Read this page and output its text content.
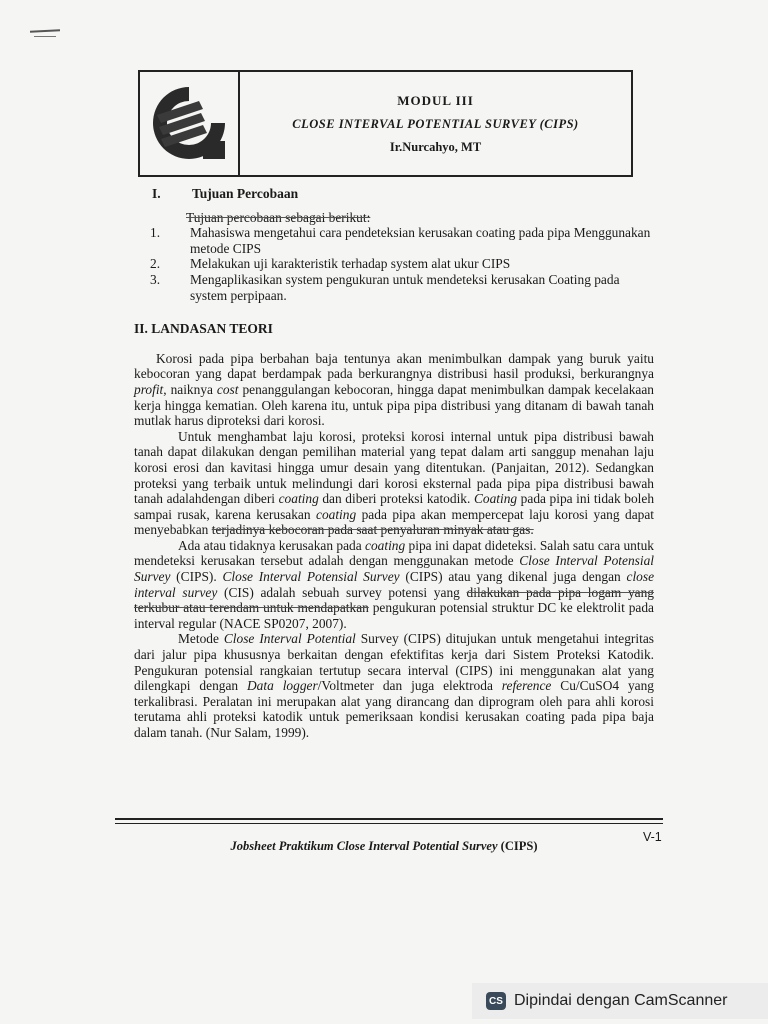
MODUL III
CLOSE INTERVAL POTENTIAL SURVEY (CIPS)
Ir.Nurcahyo, MT
I.	Tujuan Percobaan
Tujuan percobaan sebagai berikut:
1.	Mahasiswa mengetahui cara pendeteksian kerusakan coating pada pipa Menggunakan metode CIPS
2.	Melakukan uji karakteristik terhadap system alat ukur CIPS
3.	Mengaplikasikan system pengukuran untuk mendeteksi kerusakan Coating pada system perpipaan.
II. LANDASAN TEORI

Korosi pada pipa berbahan baja tentunya akan menimbulkan dampak yang buruk yaitu kebocoran yang dapat berdampak pada berkurangnya distribusi hasil produksi, berkurangnya profit, naiknya cost penanggulangan kebocoran, hingga dapat menimbulkan dampak kecelakaan kerja hingga kematian. Oleh karena itu, untuk pipa pipa distribusi yang ditanam di bawah tanah mutlak harus diproteksi dari korosi.

Untuk menghambat laju korosi, proteksi korosi internal untuk pipa distribusi bawah tanah dapat dilakukan dengan pemilihan material yang tepat dalam arti sanggup menahan laju korosi erosi dan kavitasi hingga umur desain yang ditentukan. (Panjaitan, 2012). Sedangkan proteksi yang terbaik untuk melindungi dari korosi eksternal pada pipa pipa distribusi bawah tanah adalahdengan diberi coating dan diberi proteksi katodik. Coating pada pipa ini tidak boleh sampai rusak, karena kerusakan coating pada pipa akan mempercepat laju korosi yang dapat menyebabkan terjadinya kebocoran pada saat penyaluran minyak atau gas.

Ada atau tidaknya kerusakan pada coating pipa ini dapat dideteksi. Salah satu cara untuk mendeteksi kerusakan tersebut adalah dengan menggunakan metode Close Interval Potensial Survey (CIPS). Close Interval Potensial Survey (CIPS) atau yang dikenal juga dengan close interval survey (CIS) adalah sebuah survey potensi yang dilakukan pada pipa logam yang terkubur atau terendam untuk mendapatkan pengukuran potensial struktur DC ke elektrolit pada interval regular (NACE SP0207, 2007).

Metode Close Interval Potential Survey (CIPS) ditujukan untuk mengetahui integritas dari jalur pipa khususnya berkaitan dengan efektifitas kerja dari Sistem Proteksi Katodik. Pengukuran potensial rangkaian tertutup secara interval (CIPS) ini menggunakan alat yang dilengkapi dengan Data logger/Voltmeter dan juga elektroda reference Cu/CuSO4 yang terkalibrasi. Peralatan ini merupakan alat yang dirancang dan diprogram oleh para ahli korosi terutama ahli proteksi katodik untuk pemeriksaan kondisi kerusakan coating pada pipa baja dalam tanah. (Nur Salam, 1999).

V-1
Jobsheet Praktikum Close Interval Potential Survey (CIPS)
CS Dipindai dengan CamScanner
